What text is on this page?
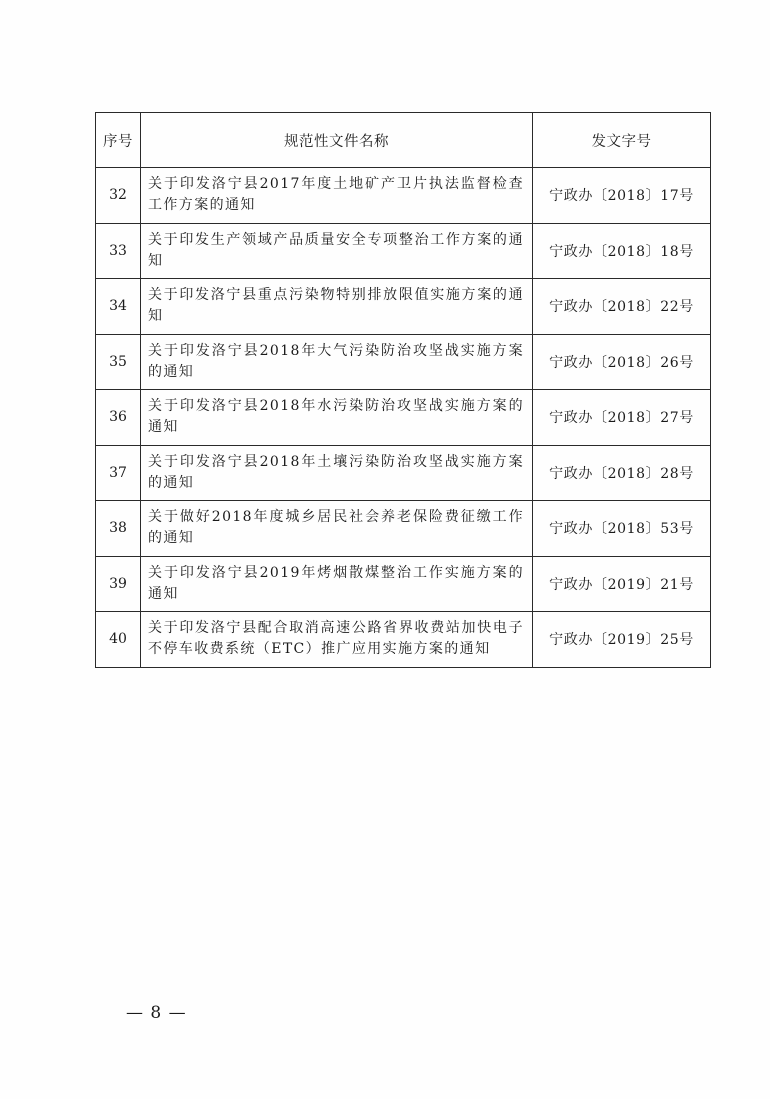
序号	规范性文件名称	发文字号
32	关于印发洛宁县2017年度土地矿产卫片执法监督检查工作方案的通知	宁政办〔2018〕17号
33	关于印发生产领域产品质量安全专项整治工作方案的通知	宁政办〔2018〕18号
34	关于印发洛宁县重点污染物特别排放限值实施方案的通知	宁政办〔2018〕22号
35	关于印发洛宁县2018年大气污染防治攻坚战实施方案的通知	宁政办〔2018〕26号
36	关于印发洛宁县2018年水污染防治攻坚战实施方案的通知	宁政办〔2018〕27号
37	关于印发洛宁县2018年土壤污染防治攻坚战实施方案的通知	宁政办〔2018〕28号
38	关于做好2018年度城乡居民社会养老保险费征缴工作的通知	宁政办〔2018〕53号
39	关于印发洛宁县2019年烤烟散煤整治工作实施方案的通知	宁政办〔2019〕21号
40	关于印发洛宁县配合取消高速公路省界收费站加快电子不停车收费系统（ETC）推广应用实施方案的通知	宁政办〔2019〕25号
— 8 —
